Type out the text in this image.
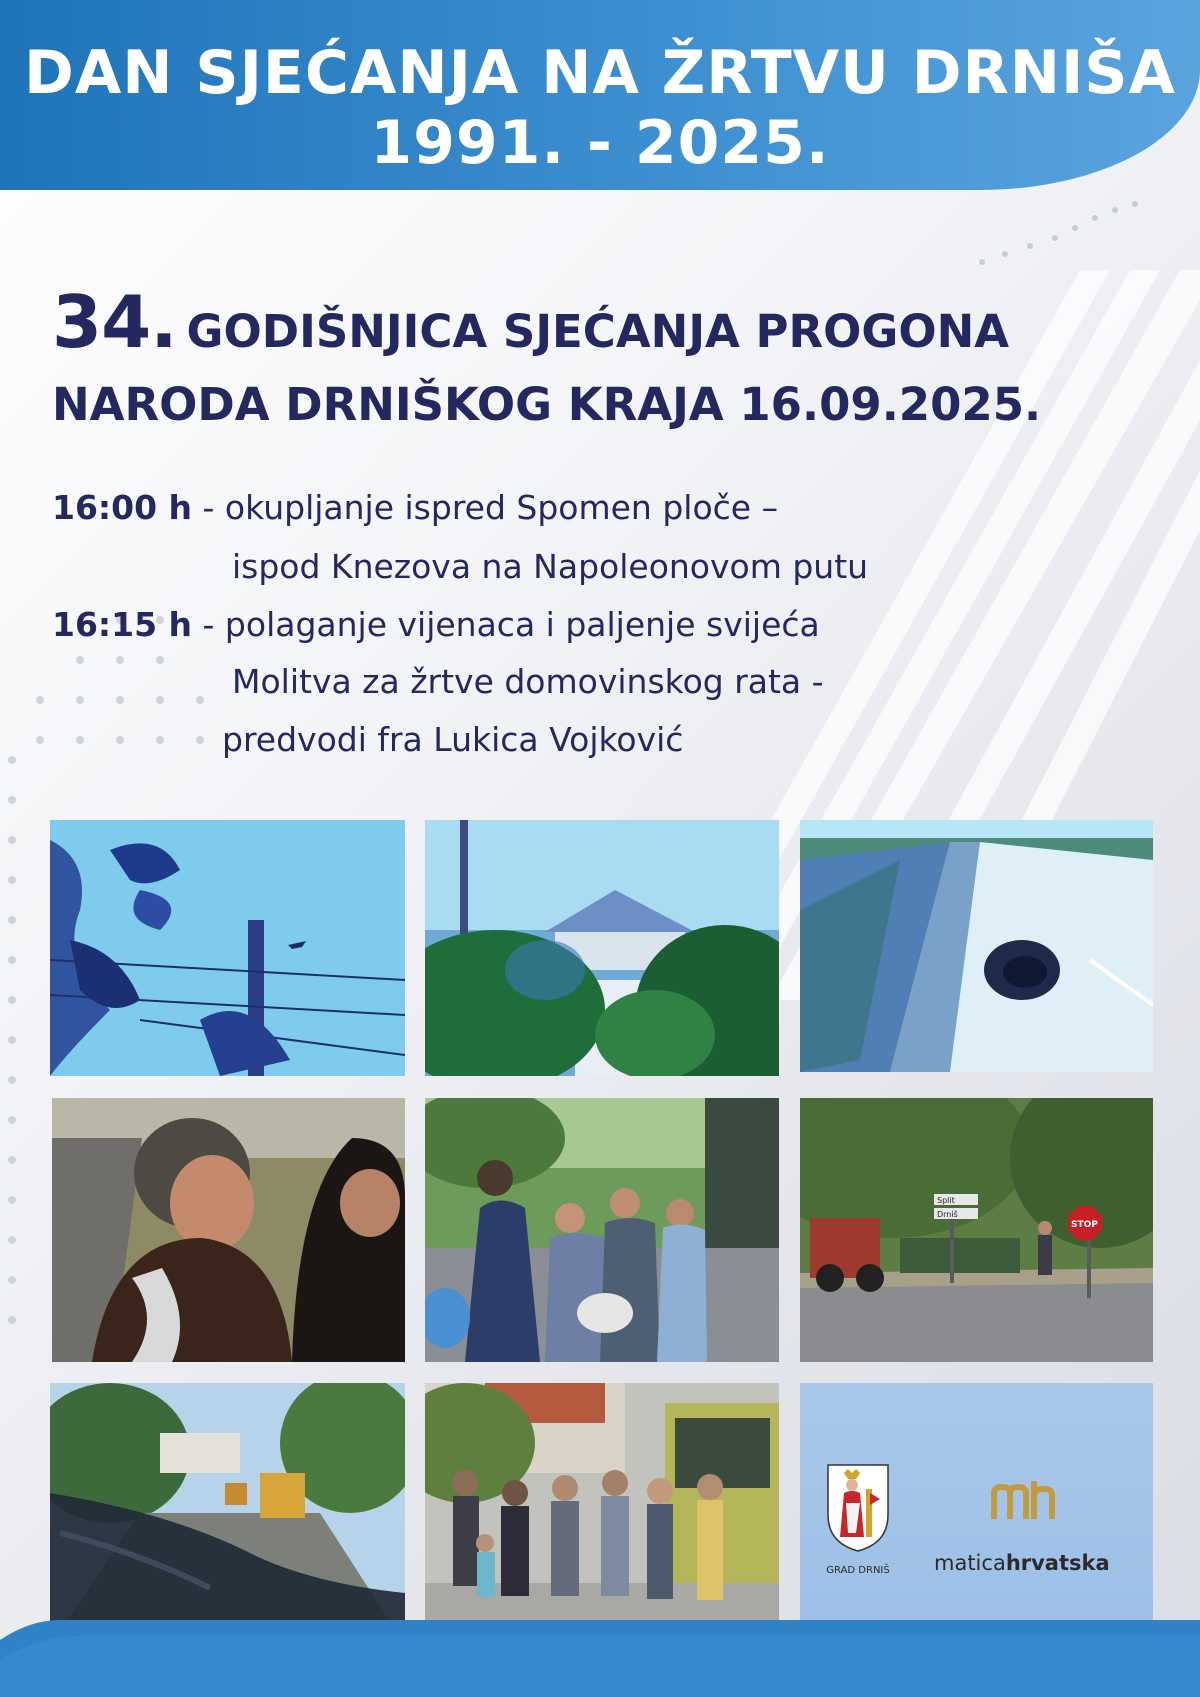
DAN SJEĆANJA NA ŽRTVU DRNIŠA
1991. - 2025.
34. GODIŠNJICA SJEĆANJA PROGONA
NARODA DRNIŠKOG KRAJA 16.09.2025.
16:00 h - okupljanje ispred Spomen ploče –
ispod Knezova na Napoleonovom putu
16:15 h - polaganje vijenaca i paljenje svijeća
Molitva za žrtve domovinskog rata -
predvodi fra Lukica Vojković
Split
Drniš
STOP
GRAD DRNIŠ maticahrvatska
